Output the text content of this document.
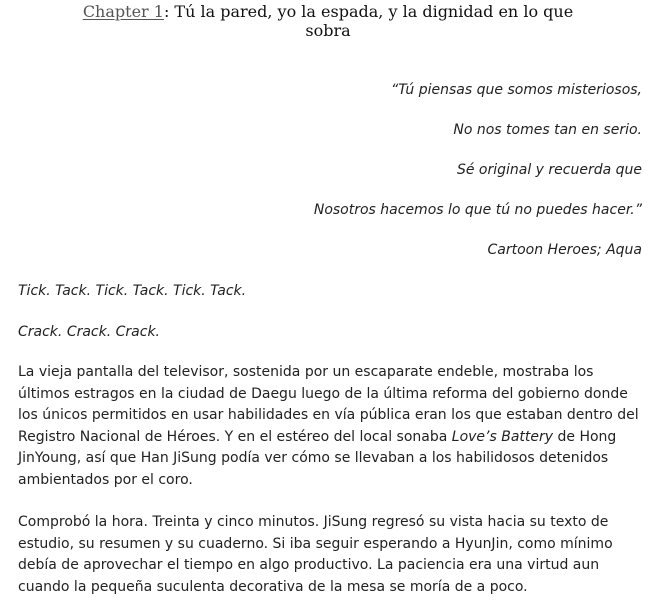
Chapter 1: Tú la pared, yo la espada, y la dignidad en lo que sobra

“Tú piensas que somos misteriosos,

No nos tomes tan en serio.

Sé original y recuerda que

Nosotros hacemos lo que tú no puedes hacer.”

Cartoon Heroes; Aqua

Tick. Tack. Tick. Tack. Tick. Tack.
Crack. Crack. Crack.

La vieja pantalla del televisor, sostenida por un escaparate endeble, mostraba los últimos estragos en la ciudad de Daegu luego de la última reforma del gobierno donde los únicos permitidos en usar habilidades en vía pública eran los que estaban dentro del Registro Nacional de Héroes. Y en el estéreo del local sonaba Love’s Battery de Hong JinYoung, así que Han JiSung podía ver cómo se llevaban a los habilidosos detenidos ambientados por el coro.

Comprobó la hora. Treinta y cinco minutos. JiSung regresó su vista hacia su texto de estudio, su resumen y su cuaderno. Si iba seguir esperando a HyunJin, como mínimo debía de aprovechar el tiempo en algo productivo. La paciencia era una virtud aun cuando la pequeña suculenta decorativa de la mesa se moría de a poco.
